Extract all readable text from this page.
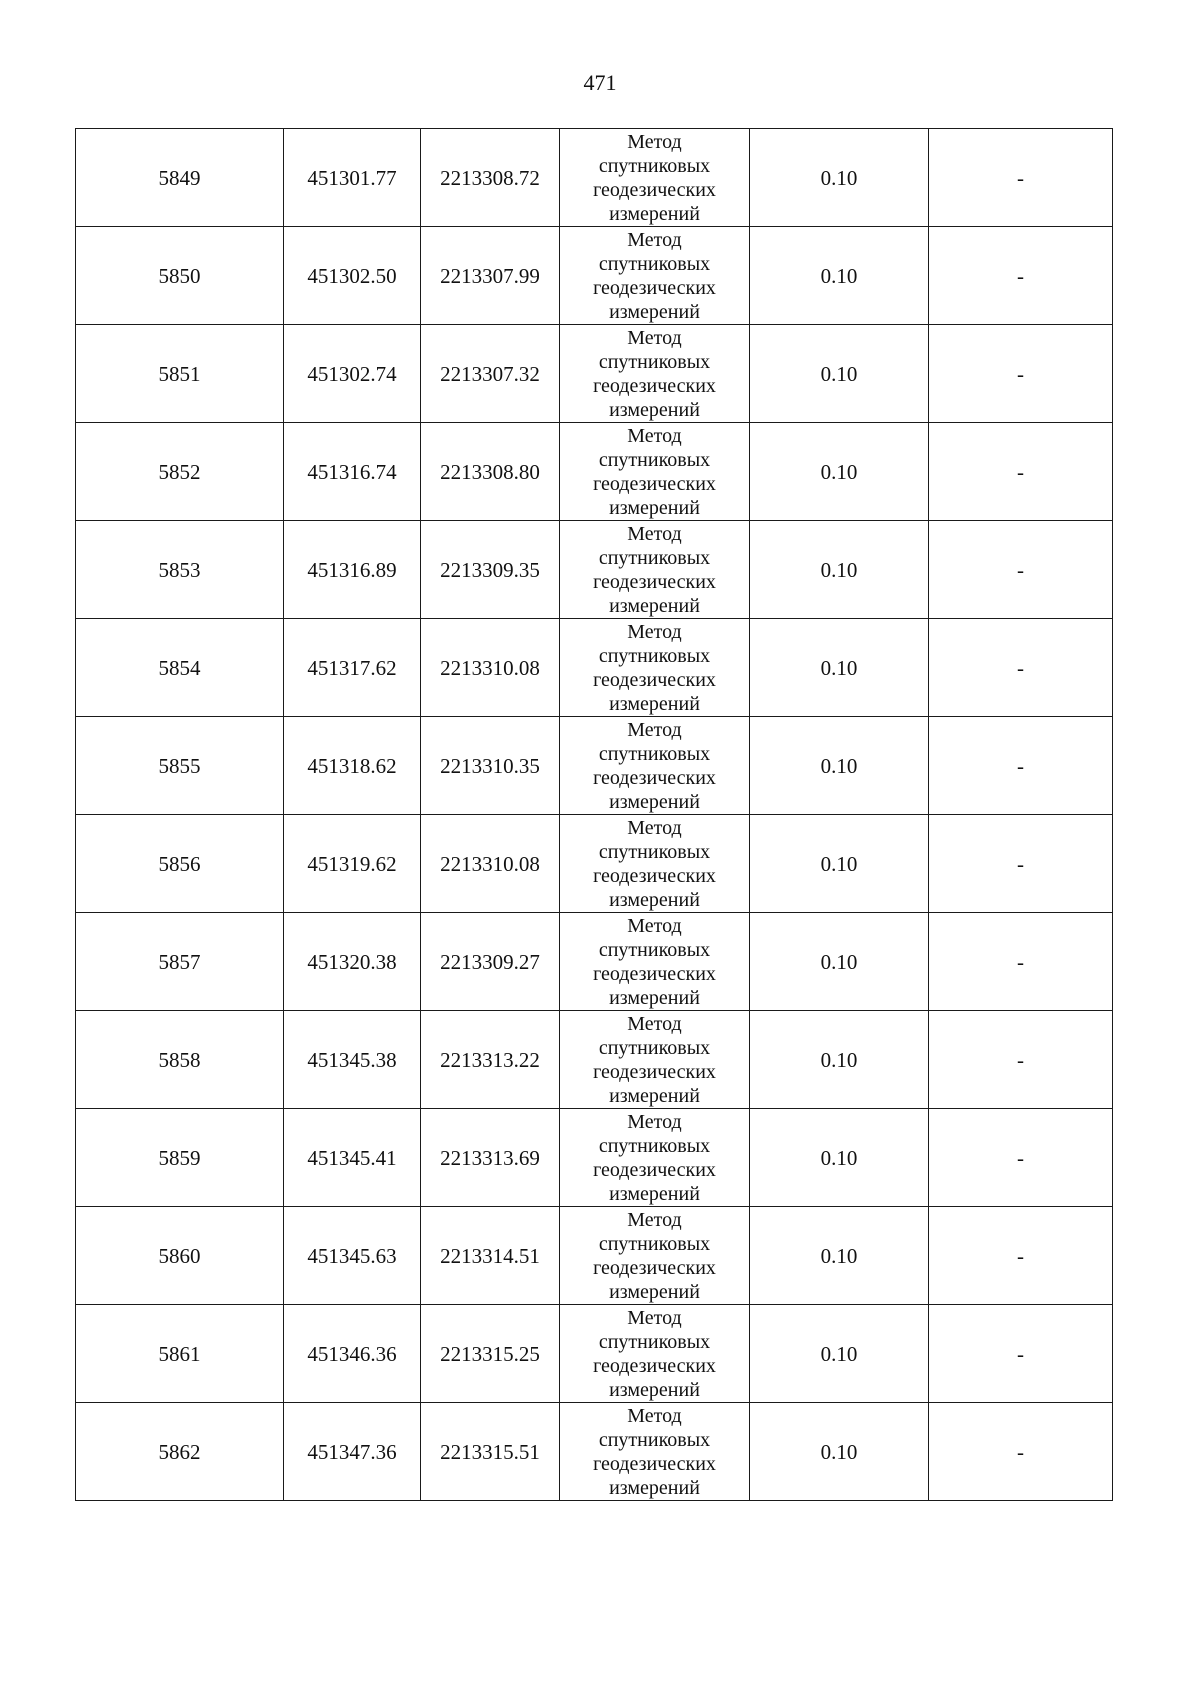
471
5849	451301.77	2213308.72	Метод
спутниковых
геодезических
измерений	0.10	-
5850	451302.50	2213307.99	Метод
спутниковых
геодезических
измерений	0.10	-
5851	451302.74	2213307.32	Метод
спутниковых
геодезических
измерений	0.10	-
5852	451316.74	2213308.80	Метод
спутниковых
геодезических
измерений	0.10	-
5853	451316.89	2213309.35	Метод
спутниковых
геодезических
измерений	0.10	-
5854	451317.62	2213310.08	Метод
спутниковых
геодезических
измерений	0.10	-
5855	451318.62	2213310.35	Метод
спутниковых
геодезических
измерений	0.10	-
5856	451319.62	2213310.08	Метод
спутниковых
геодезических
измерений	0.10	-
5857	451320.38	2213309.27	Метод
спутниковых
геодезических
измерений	0.10	-
5858	451345.38	2213313.22	Метод
спутниковых
геодезических
измерений	0.10	-
5859	451345.41	2213313.69	Метод
спутниковых
геодезических
измерений	0.10	-
5860	451345.63	2213314.51	Метод
спутниковых
геодезических
измерений	0.10	-
5861	451346.36	2213315.25	Метод
спутниковых
геодезических
измерений	0.10	-
5862	451347.36	2213315.51	Метод
спутниковых
геодезических
измерений	0.10	-
